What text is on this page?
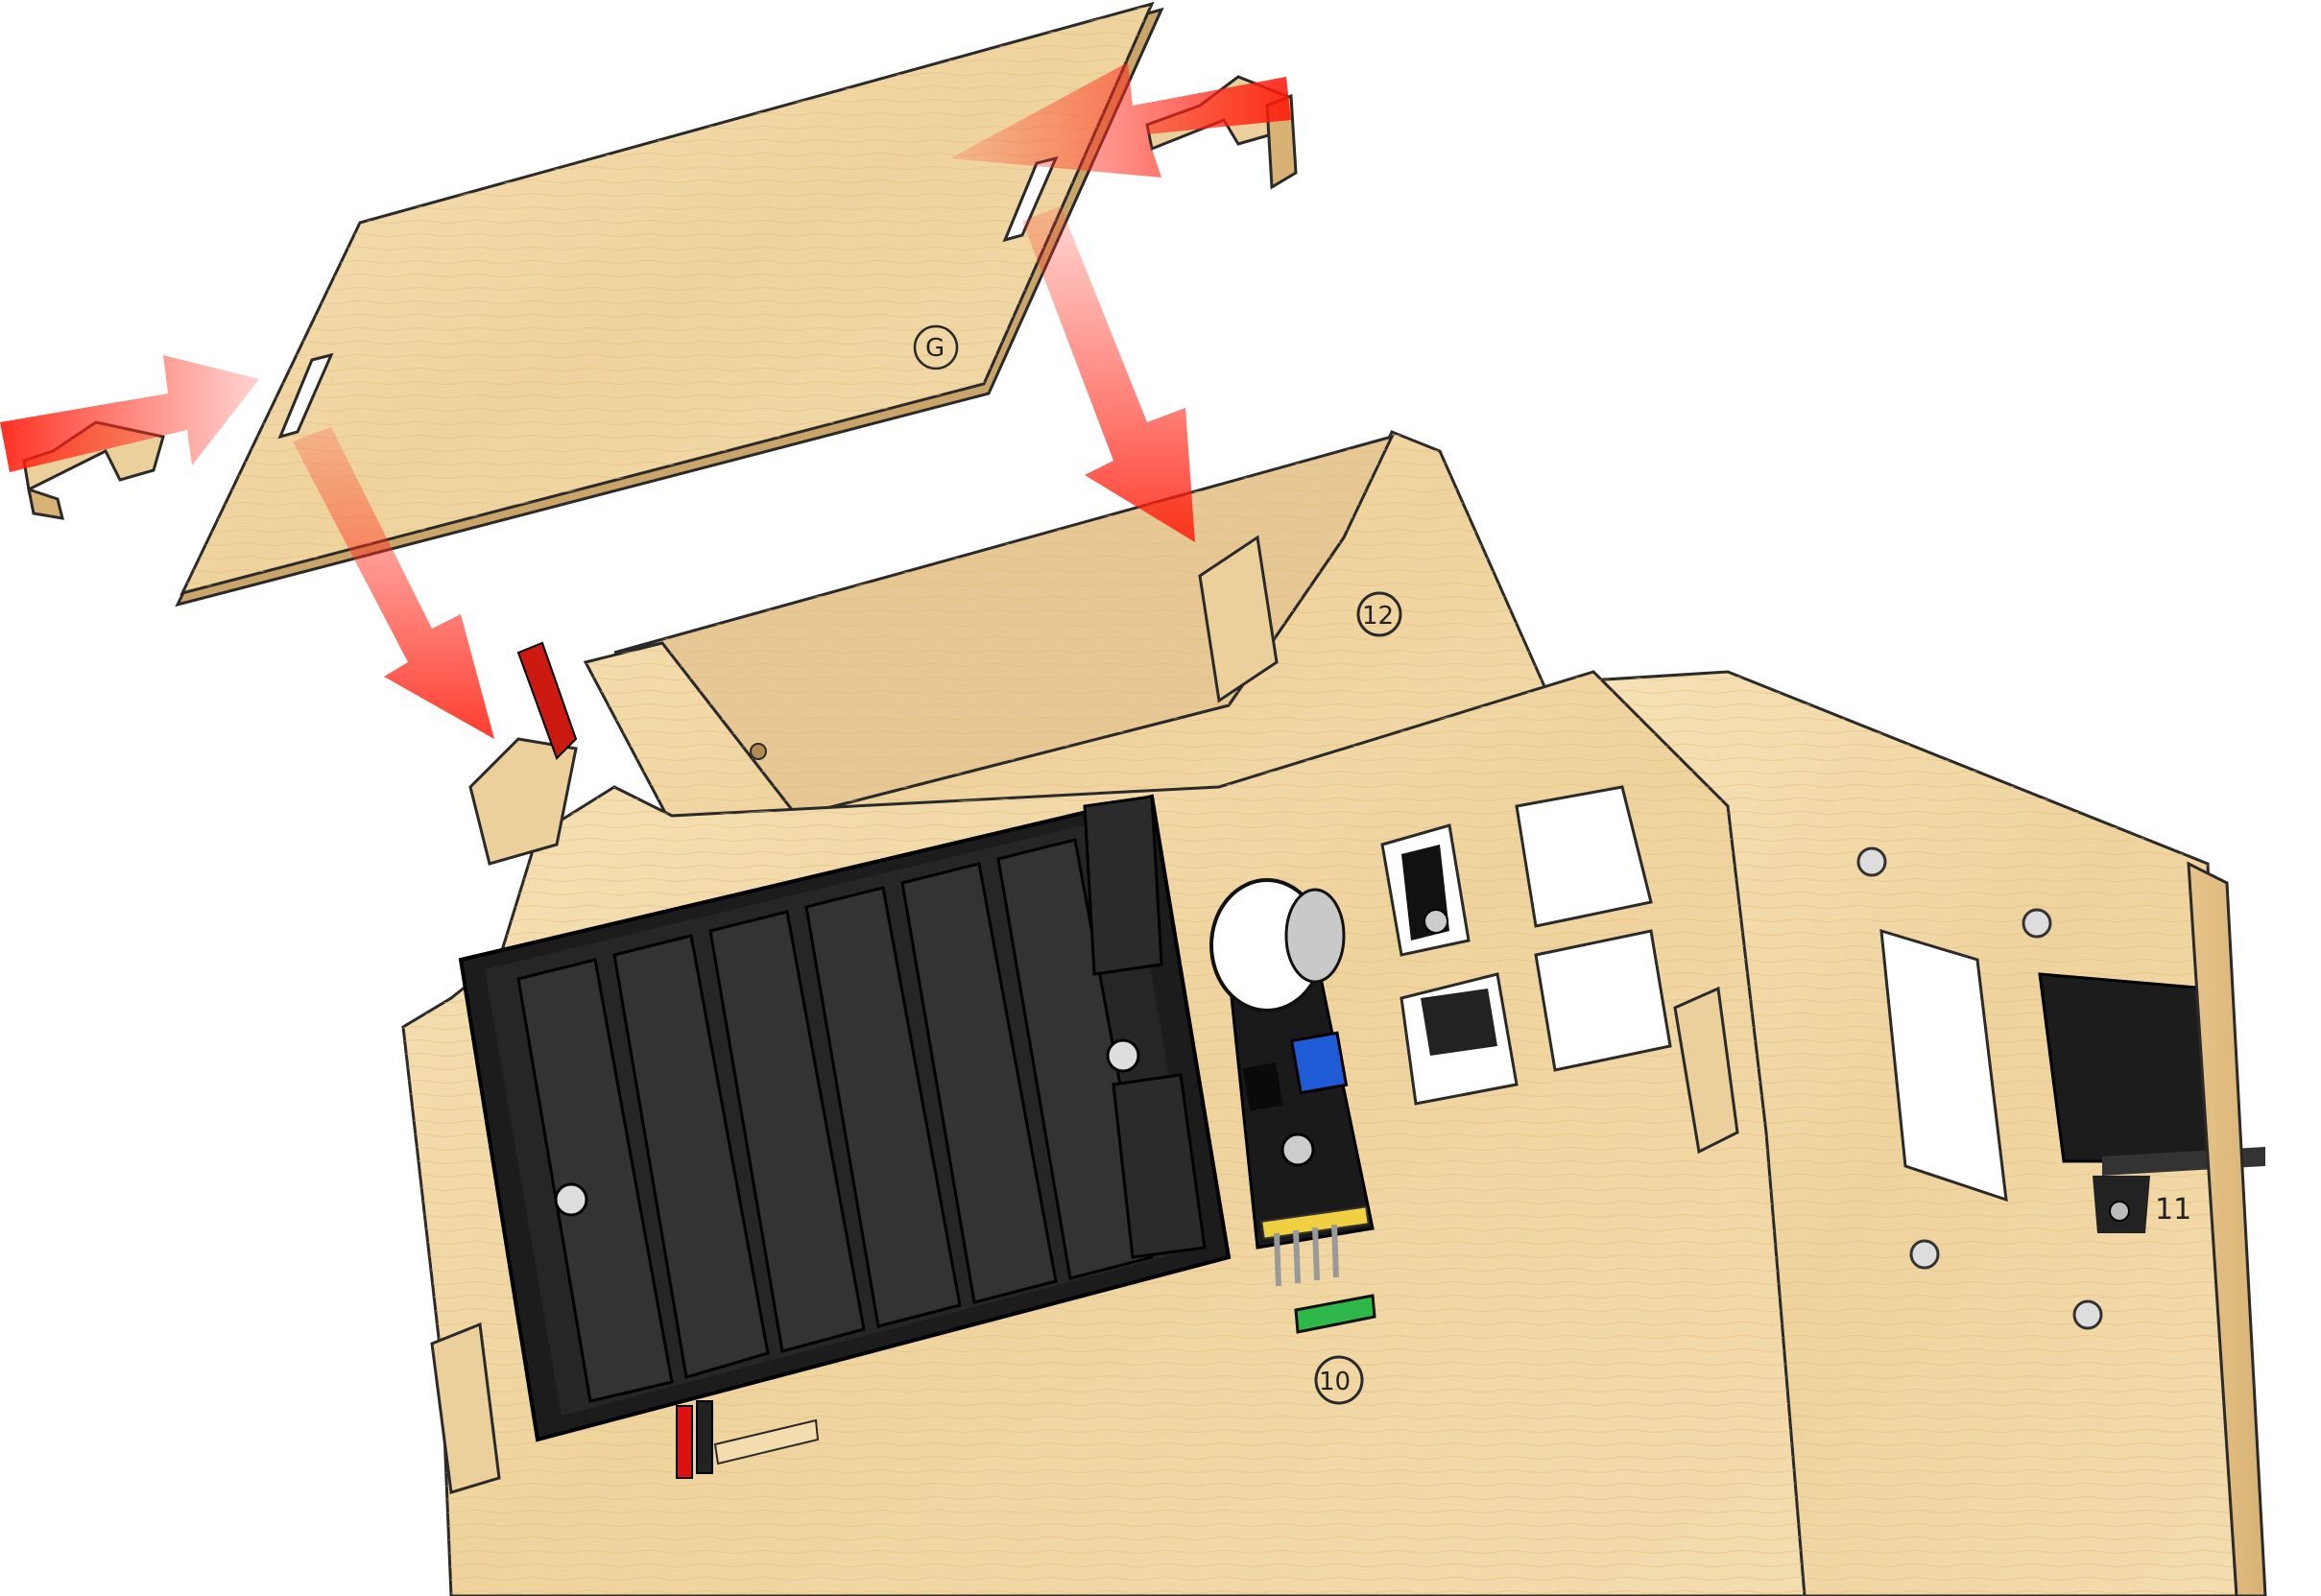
11
12
10
G
